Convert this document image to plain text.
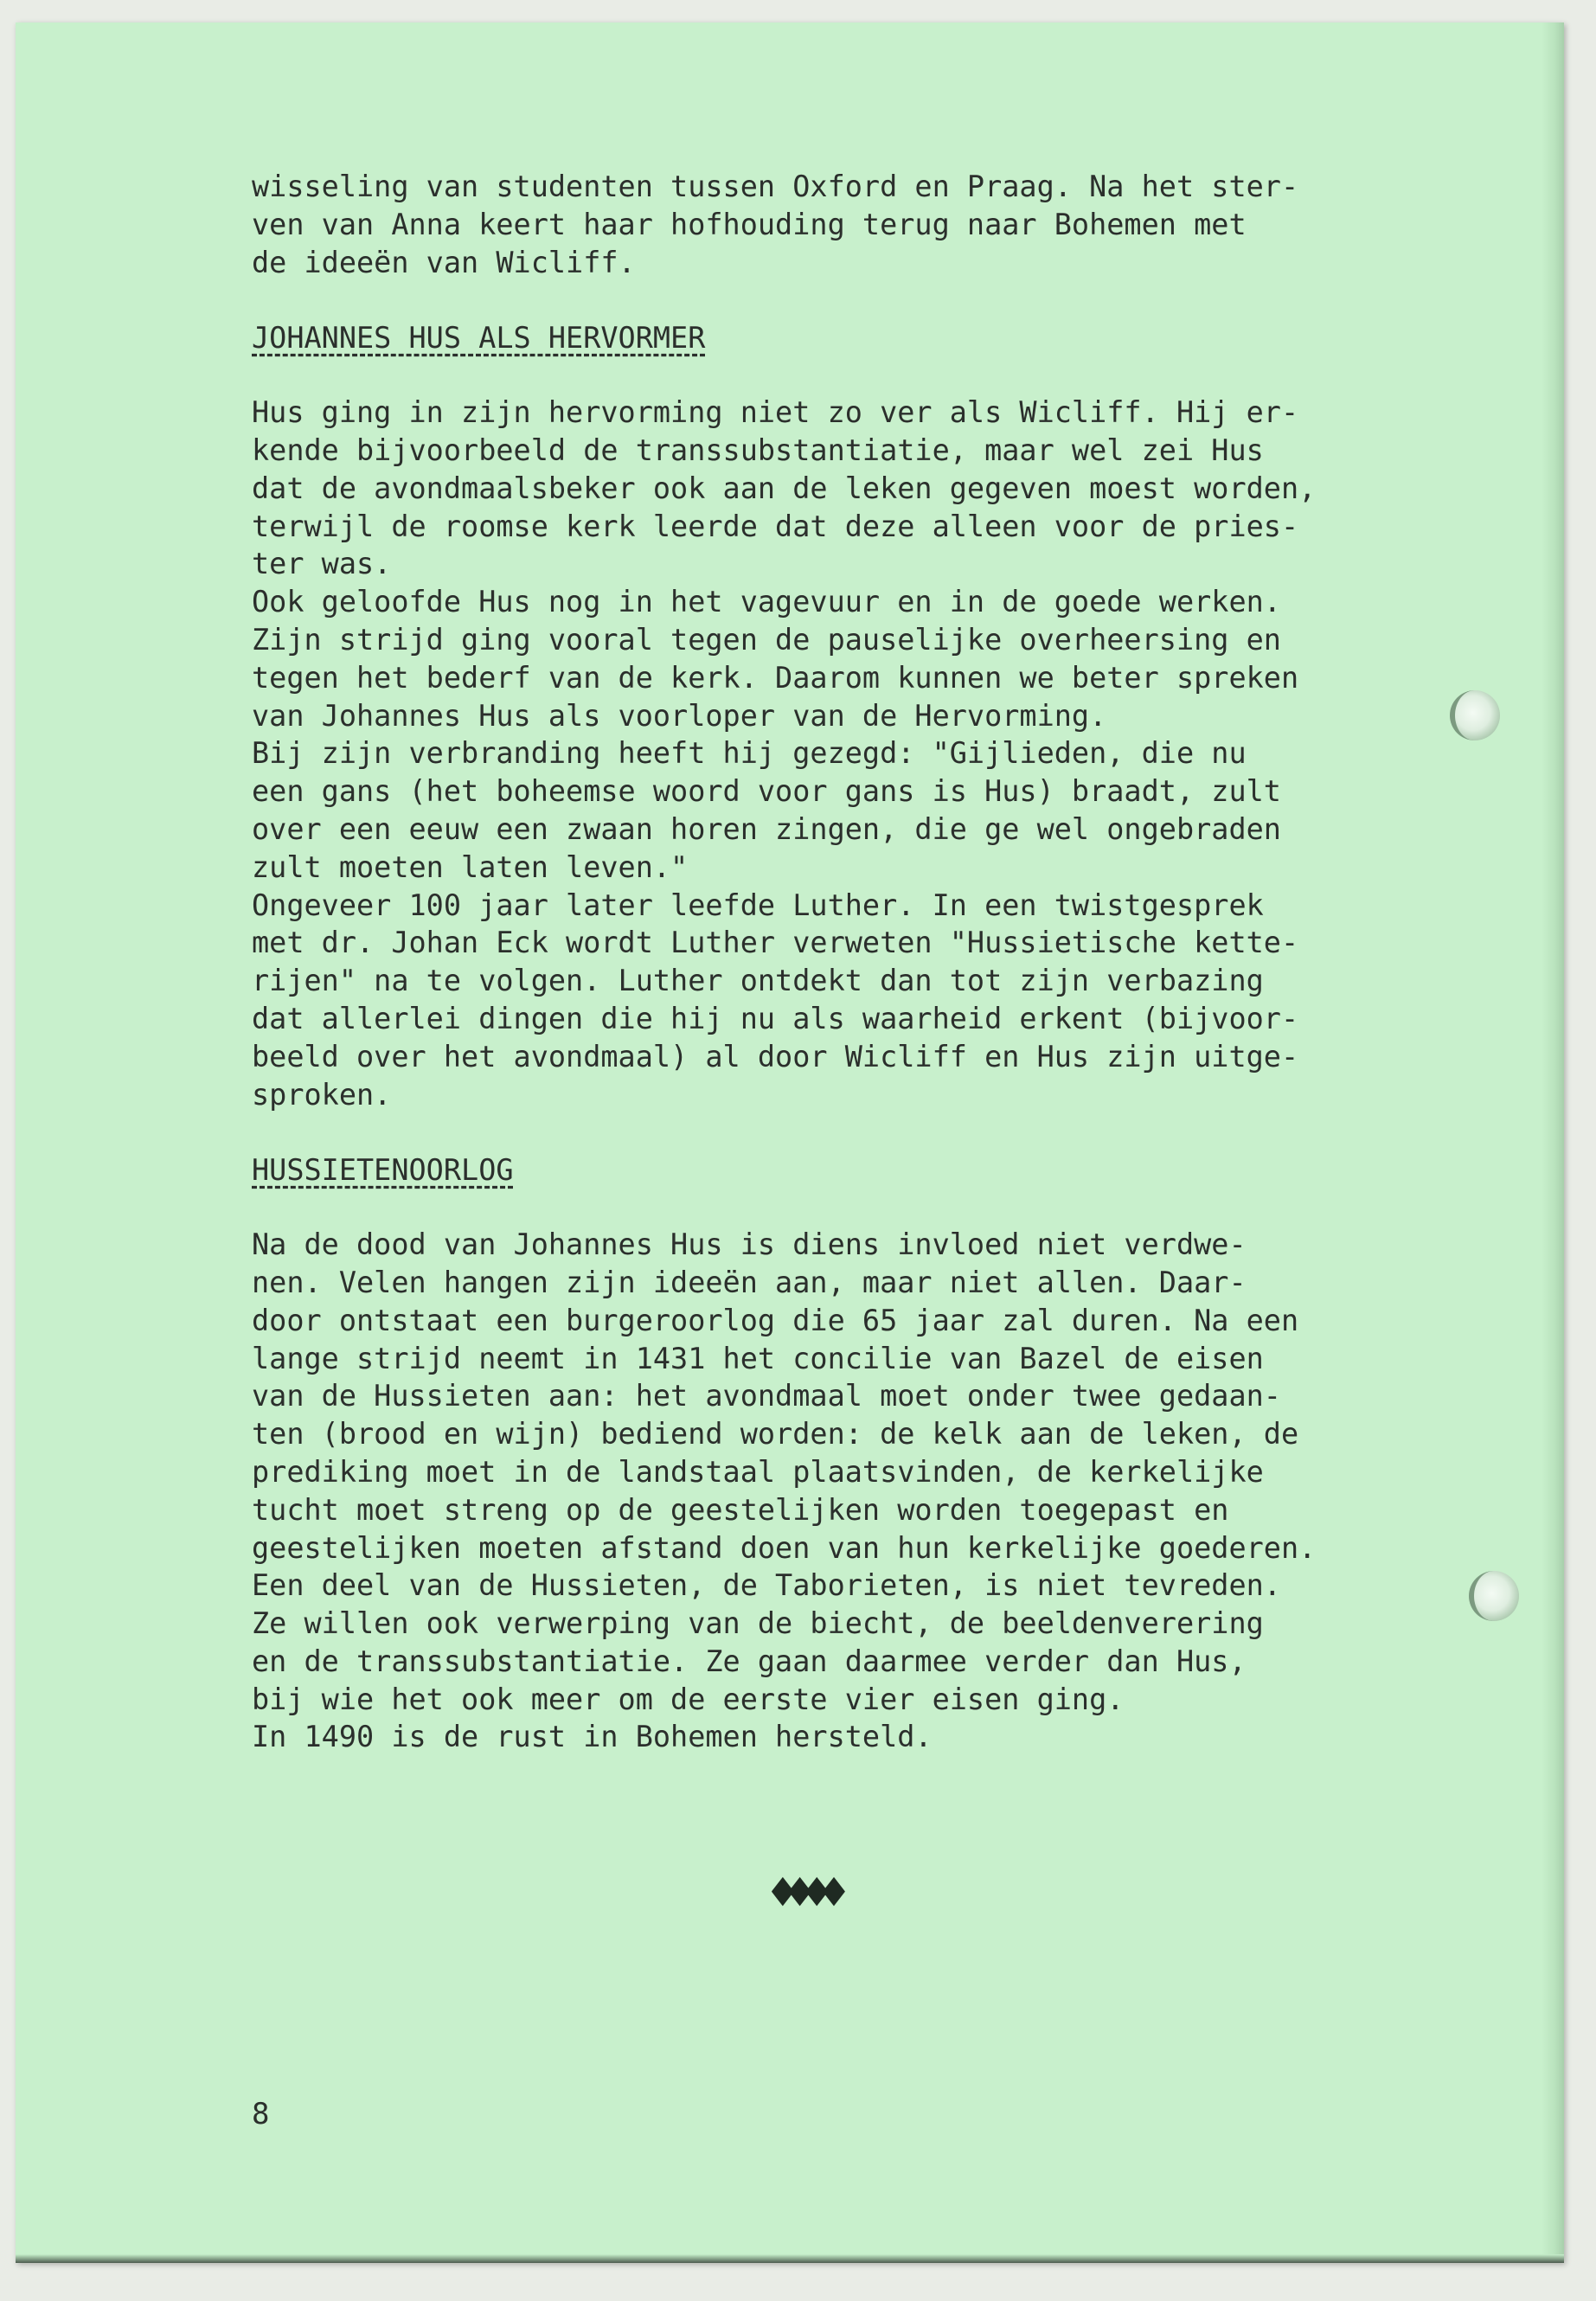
wisseling van studenten tussen Oxford en Praag. Na het ster-

ven van Anna keert haar hofhouding terug naar Bohemen met

de ideeën van Wicliff.

JOHANNES HUS ALS HERVORMER

Hus ging in zijn hervorming niet zo ver als Wicliff. Hij er-

kende bijvoorbeeld de transsubstantiatie, maar wel zei Hus

dat de avondmaalsbeker ook aan de leken gegeven moest worden,

terwijl de roomse kerk leerde dat deze alleen voor de pries-

ter was.

Ook geloofde Hus nog in het vagevuur en in de goede werken.

Zijn strijd ging vooral tegen de pauselijke overheersing en

tegen het bederf van de kerk. Daarom kunnen we beter spreken

van Johannes Hus als voorloper van de Hervorming.

Bij zijn verbranding heeft hij gezegd: "Gijlieden, die nu

een gans (het boheemse woord voor gans is Hus) braadt, zult

over een eeuw een zwaan horen zingen, die ge wel ongebraden

zult moeten laten leven."

Ongeveer 100 jaar later leefde Luther. In een twistgesprek

met dr. Johan Eck wordt Luther verweten "Hussietische kette-

rijen" na te volgen. Luther ontdekt dan tot zijn verbazing

dat allerlei dingen die hij nu als waarheid erkent (bijvoor-

beeld over het avondmaal) al door Wicliff en Hus zijn uitge-

sproken.

HUSSIETENOORLOG

Na de dood van Johannes Hus is diens invloed niet verdwe-

nen. Velen hangen zijn ideeën aan, maar niet allen. Daar-

door ontstaat een burgeroorlog die 65 jaar zal duren. Na een

lange strijd neemt in 1431 het concilie van Bazel de eisen

van de Hussieten aan: het avondmaal moet onder twee gedaan-

ten (brood en wijn) bediend worden: de kelk aan de leken, de

prediking moet in de landstaal plaatsvinden, de kerkelijke

tucht moet streng op de geestelijken worden toegepast en

geestelijken moeten afstand doen van hun kerkelijke goederen.

Een deel van de Hussieten, de Taborieten, is niet tevreden.

Ze willen ook verwerping van de biecht, de beeldenverering

en de transsubstantiatie. Ze gaan daarmee verder dan Hus,

bij wie het ook meer om de eerste vier eisen ging.

In 1490 is de rust in Bohemen hersteld.

♦♦♦♦
8
